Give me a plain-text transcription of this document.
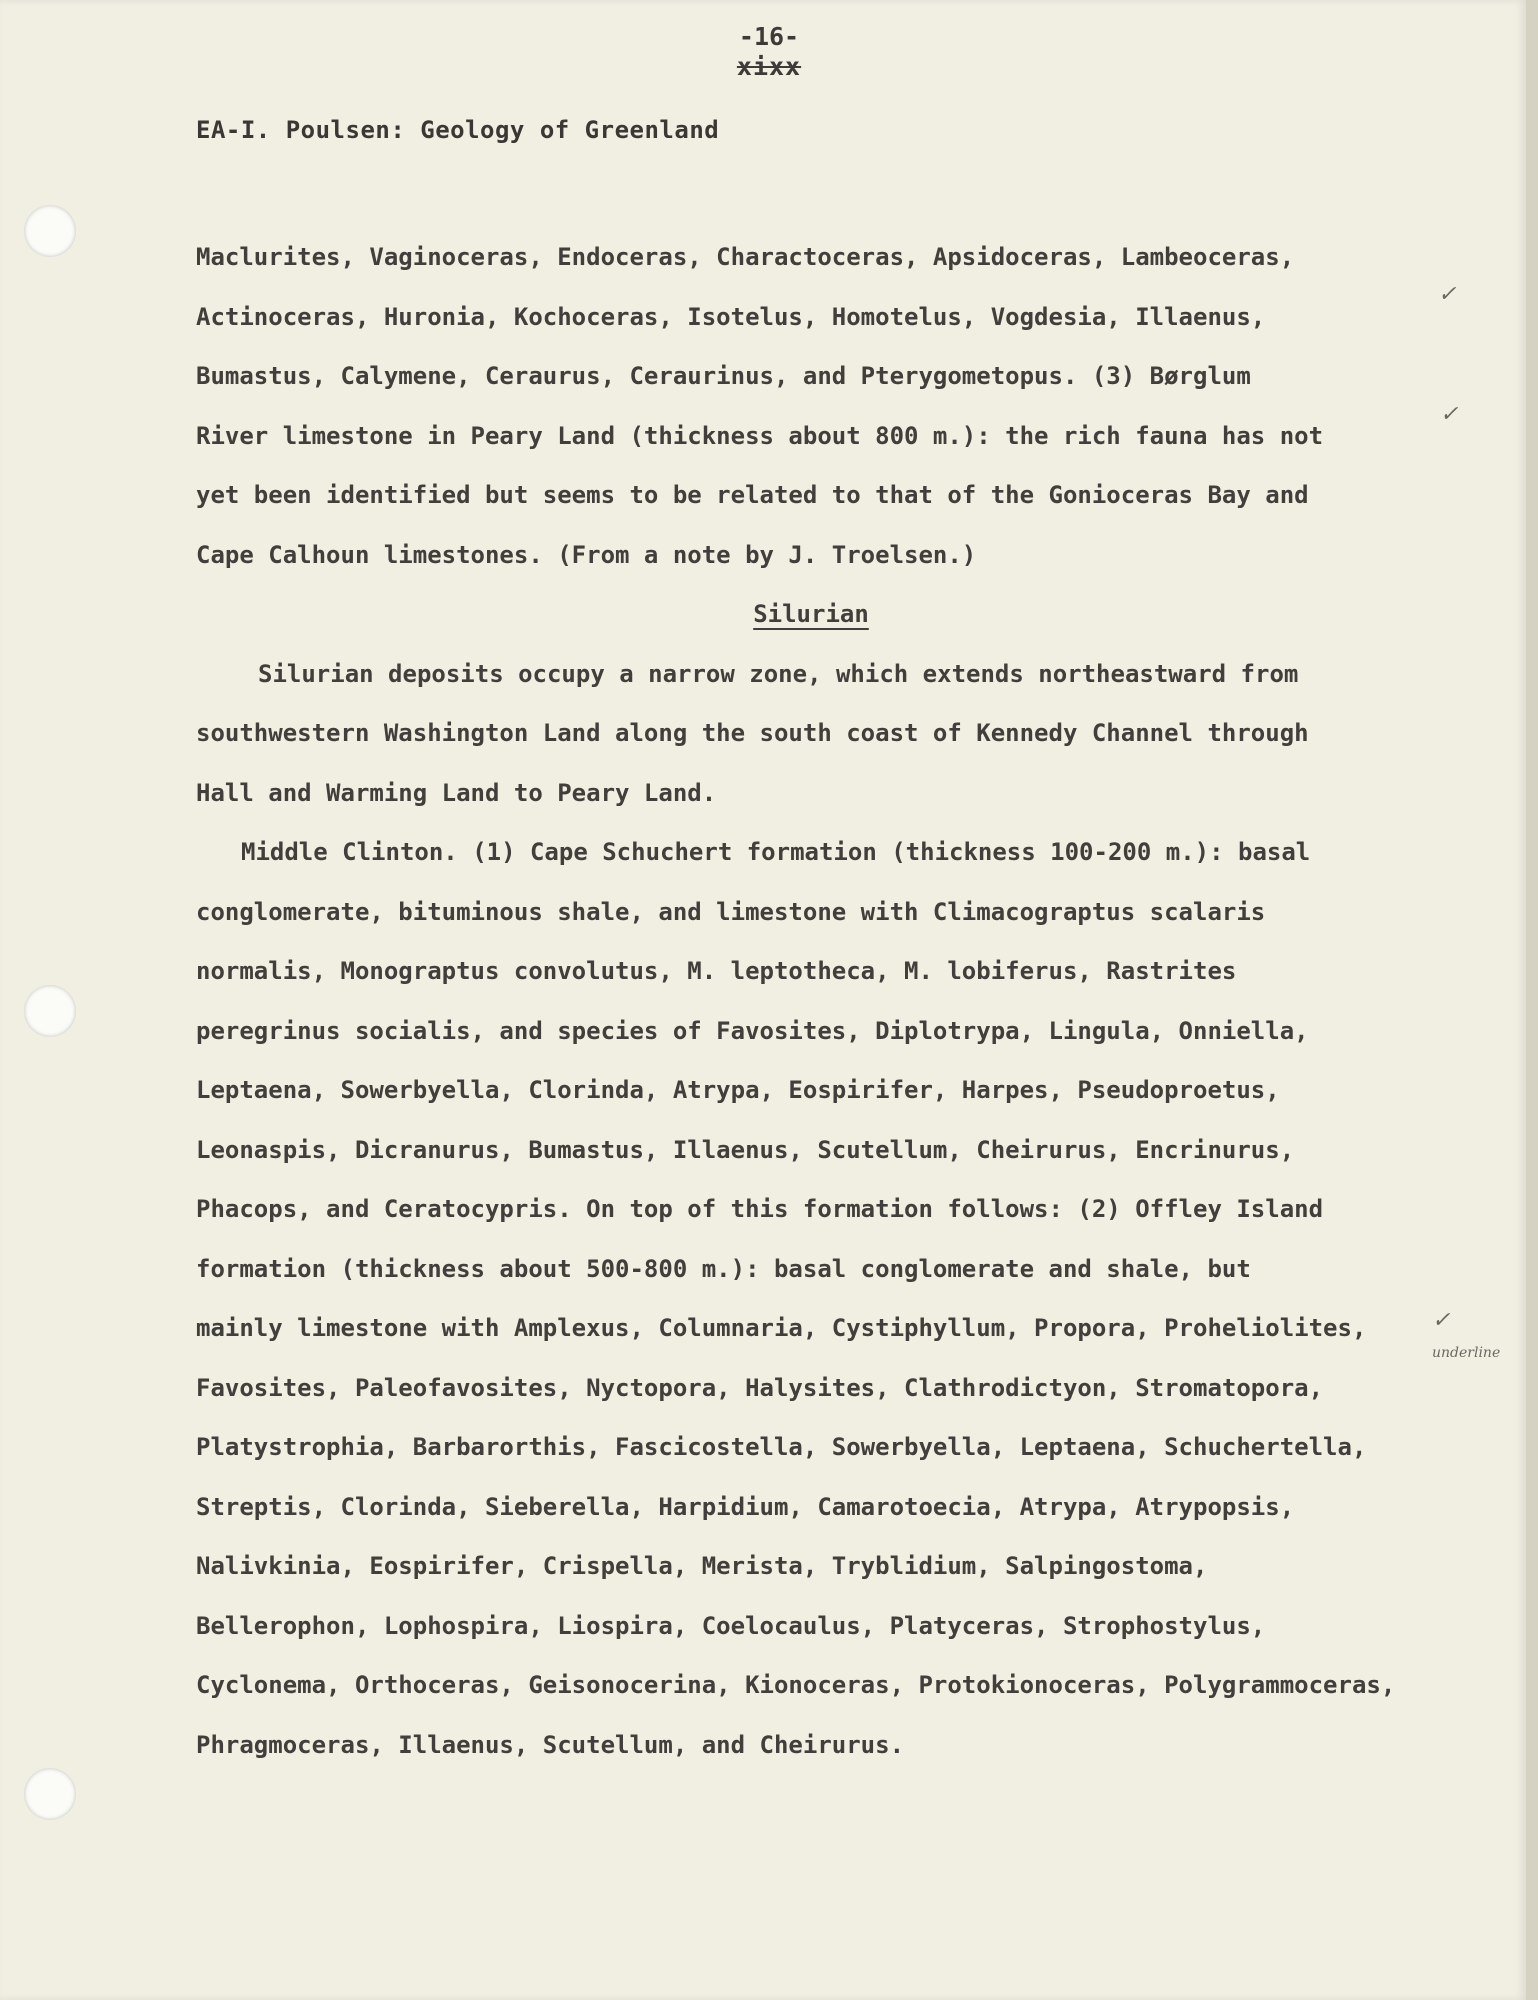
-16-
xixx
EA-I. Poulsen: Geology of Greenland
Maclurites, Vaginoceras, Endoceras, Charactoceras, Apsidoceras, Lambeoceras,
Actinoceras, Huronia, Kochoceras, Isotelus, Homotelus, Vogdesia, Illaenus,
Bumastus, Calymene, Ceraurus, Ceraurinus, and Pterygometopus. (3) Børglum
River limestone in Peary Land (thickness about 800 m.): the rich fauna has not
yet been identified but seems to be related to that of the Gonioceras Bay and
Cape Calhoun limestones. (From a note by J. Troelsen.)
Silurian
Silurian deposits occupy a narrow zone, which extends northeastward from
southwestern Washington Land along the south coast of Kennedy Channel through
Hall and Warming Land to Peary Land.
Middle Clinton. (1) Cape Schuchert formation (thickness 100-200 m.): basal
conglomerate, bituminous shale, and limestone with Climacograptus scalaris
normalis, Monograptus convolutus, M. leptotheca, M. lobiferus, Rastrites
peregrinus socialis, and species of Favosites, Diplotrypa, Lingula, Onniella,
Leptaena, Sowerbyella, Clorinda, Atrypa, Eospirifer, Harpes, Pseudoproetus,
Leonaspis, Dicranurus, Bumastus, Illaenus, Scutellum, Cheirurus, Encrinurus,
Phacops, and Ceratocypris. On top of this formation follows: (2) Offley Island
formation (thickness about 500-800 m.): basal conglomerate and shale, but
mainly limestone with Amplexus, Columnaria, Cystiphyllum, Propora, Proheliolites,
Favosites, Paleofavosites, Nyctopora, Halysites, Clathrodictyon, Stromatopora,
Platystrophia, Barbarorthis, Fascicostella, Sowerbyella, Leptaena, Schuchertella,
Streptis, Clorinda, Sieberella, Harpidium, Camarotoecia, Atrypa, Atrypopsis,
Nalivkinia, Eospirifer, Crispella, Merista, Tryblidium, Salpingostoma,
Bellerophon, Lophospira, Liospira, Coelocaulus, Platyceras, Strophostylus,
Cyclonema, Orthoceras, Geisonocerina, Kionoceras, Protokionoceras, Polygrammoceras,
Phragmoceras, Illaenus, Scutellum, and Cheirurus.
✓
✓
✓
underline
